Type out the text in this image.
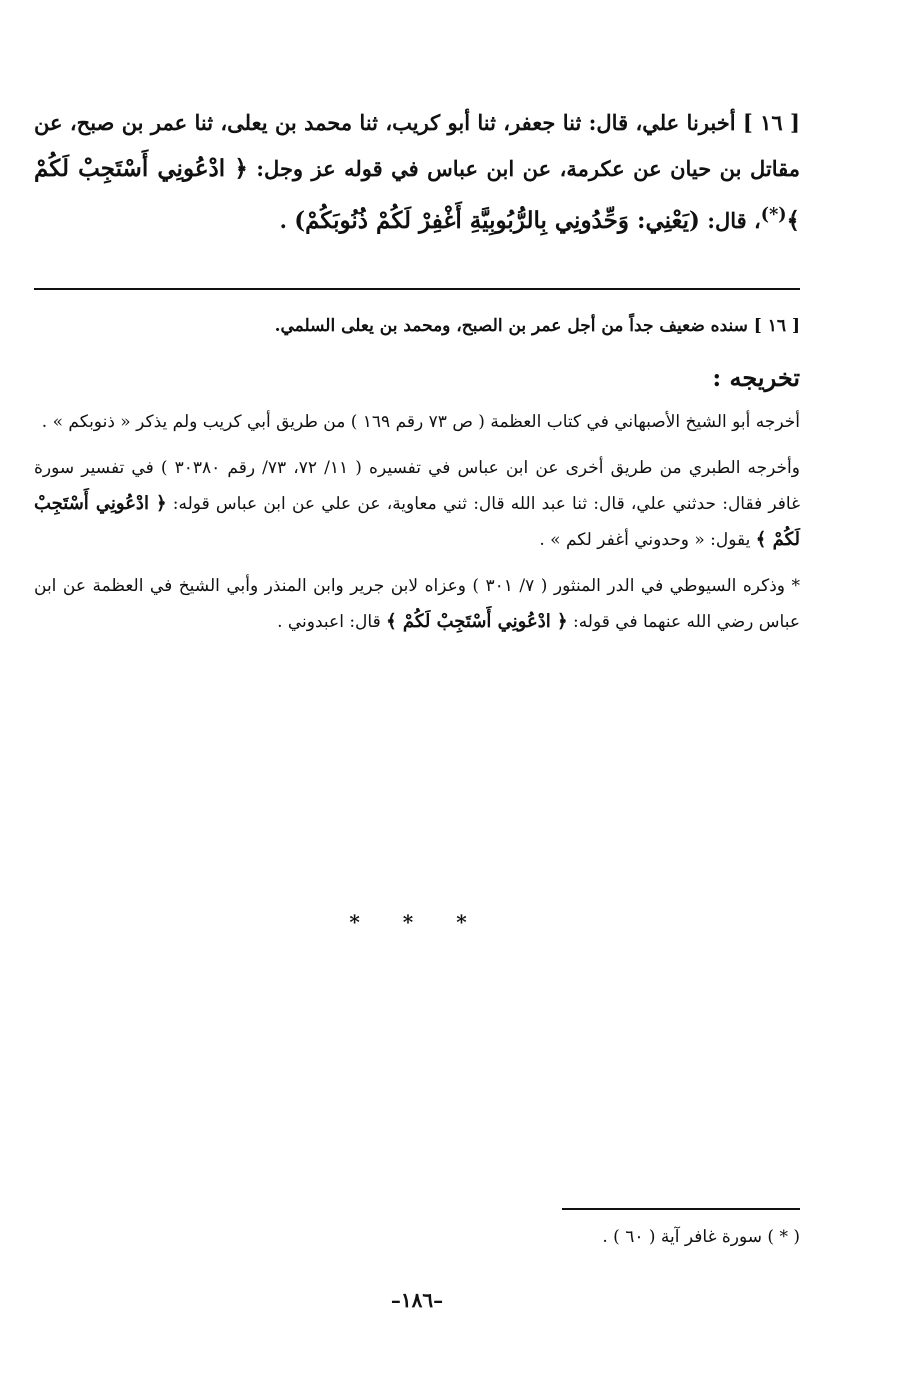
[ ١٦ ] أخبرنا علي، قال: ثنا جعفر، ثنا أبو كريب، ثنا محمد بن يعلى، ثنا عمر بن صبح، عن مقاتل بن حيان عن عكرمة، عن ابن عباس في قوله عز وجل: ﴿ ادْعُونِي أَسْتَجِبْ لَكُمْ ﴾(*)، قال: (يَعْنِي: وَحِّدُونِي بِالرُّبُوبِيَّةِ أَغْفِرْ لَكُمْ ذُنُوبَكُمْ) .

[ ١٦ ] سنده ضعيف جداً من أجل عمر بن الصبح، ومحمد بن يعلى السلمي.

تخريجه :

أخرجه أبو الشيخ الأصبهاني في كتاب العظمة ( ص ٧٣ رقم ١٦٩ ) من طريق أبي كريب ولم يذكر « ذنوبكم » .

وأخرجه الطبري من طريق أخرى عن ابن عباس في تفسيره ( ١١/ ٧٢، ٧٣/ رقم ٣٠٣٨٠ ) في تفسير سورة غافر فقال: حدثني علي، قال: ثنا عبد الله قال: ثني معاوية، عن علي عن ابن عباس قوله: ﴿ ادْعُونِي أَسْتَجِبْ لَكُمْ ﴾ يقول: « وحدوني أغفر لكم » .

* وذكره السيوطي في الدر المنثور ( ٧/ ٣٠١ ) وعزاه لابن جرير وابن المنذر وأبي الشيخ في العظمة عن ابن عباس رضي الله عنهما في قوله: ﴿ ادْعُونِي أَسْتَجِبْ لَكُمْ ﴾ قال: اعبدوني .

* * *
( * ) سورة غافر آية ( ٦٠ ) .
–١٨٦–
